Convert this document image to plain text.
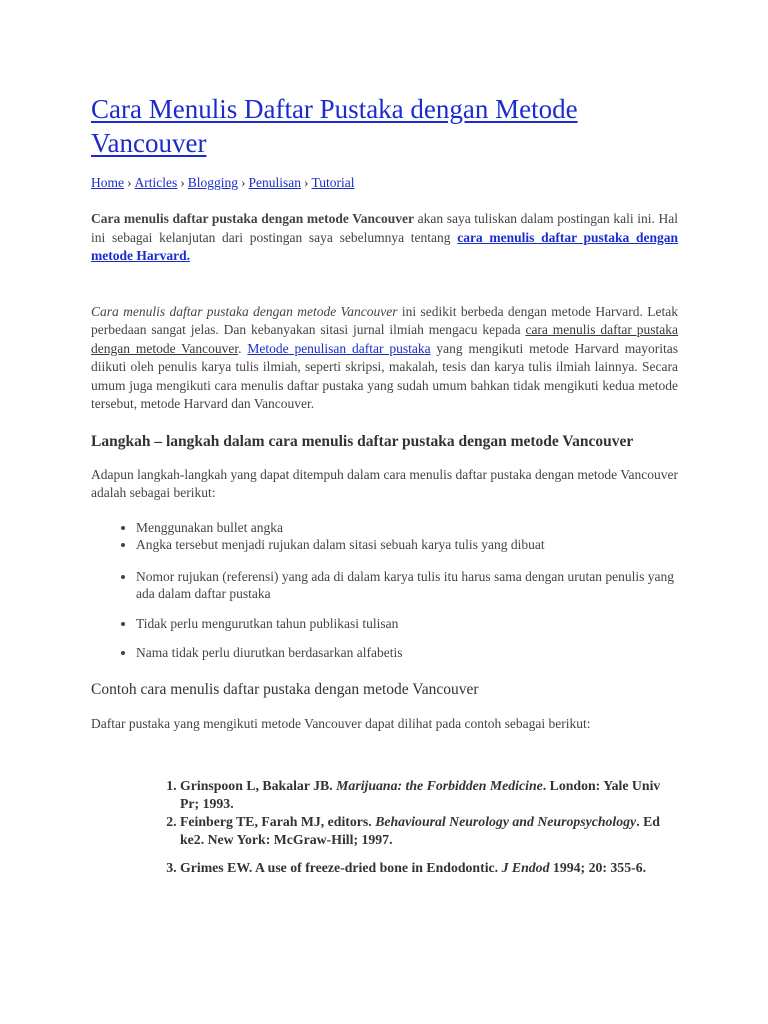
Cara Menulis Daftar Pustaka dengan Metode Vancouver
Home › Articles › Blogging › Penulisan › Tutorial

Cara menulis daftar pustaka dengan metode Vancouver akan saya tuliskan dalam postingan kali ini. Hal ini sebagai kelanjutan dari postingan saya sebelumnya tentang cara menulis daftar pustaka dengan metode Harvard.

Cara menulis daftar pustaka dengan metode Vancouver ini sedikit berbeda dengan metode Harvard. Letak perbedaan sangat jelas. Dan kebanyakan sitasi jurnal ilmiah mengacu kepada cara menulis daftar pustaka dengan metode Vancouver. Metode penulisan daftar pustaka yang mengikuti metode Harvard mayoritas diikuti oleh penulis karya tulis ilmiah, seperti skripsi, makalah, tesis dan karya tulis ilmiah lainnya. Secara umum juga mengikuti cara menulis daftar pustaka yang sudah umum bahkan tidak mengikuti kedua metode tersebut, metode Harvard dan Vancouver.

Langkah – langkah dalam cara menulis daftar pustaka dengan metode Vancouver

Adapun langkah-langkah yang dapat ditempuh dalam cara menulis daftar pustaka dengan metode Vancouver adalah sebagai berikut:

• Menggunakan bullet angka
• Angka tersebut menjadi rujukan dalam sitasi sebuah karya tulis yang dibuat
• Nomor rujukan (referensi) yang ada di dalam karya tulis itu harus sama dengan urutan penulis yang ada dalam daftar pustaka
• Tidak perlu mengurutkan tahun publikasi tulisan
• Nama tidak perlu diurutkan berdasarkan alfabetis
Contoh cara menulis daftar pustaka dengan metode Vancouver

Daftar pustaka yang mengikuti metode Vancouver dapat dilihat pada contoh sebagai berikut:

1. Grinspoon L, Bakalar JB. Marijuana: the Forbidden Medicine. London: Yale Univ Pr; 1993.
2. Feinberg TE, Farah MJ, editors. Behavioural Neurology and Neuropsychology. Ed ke2. New York: McGraw-Hill; 1997.
3. Grimes EW. A use of freeze-dried bone in Endodontic. J Endod 1994; 20: 355-6.
